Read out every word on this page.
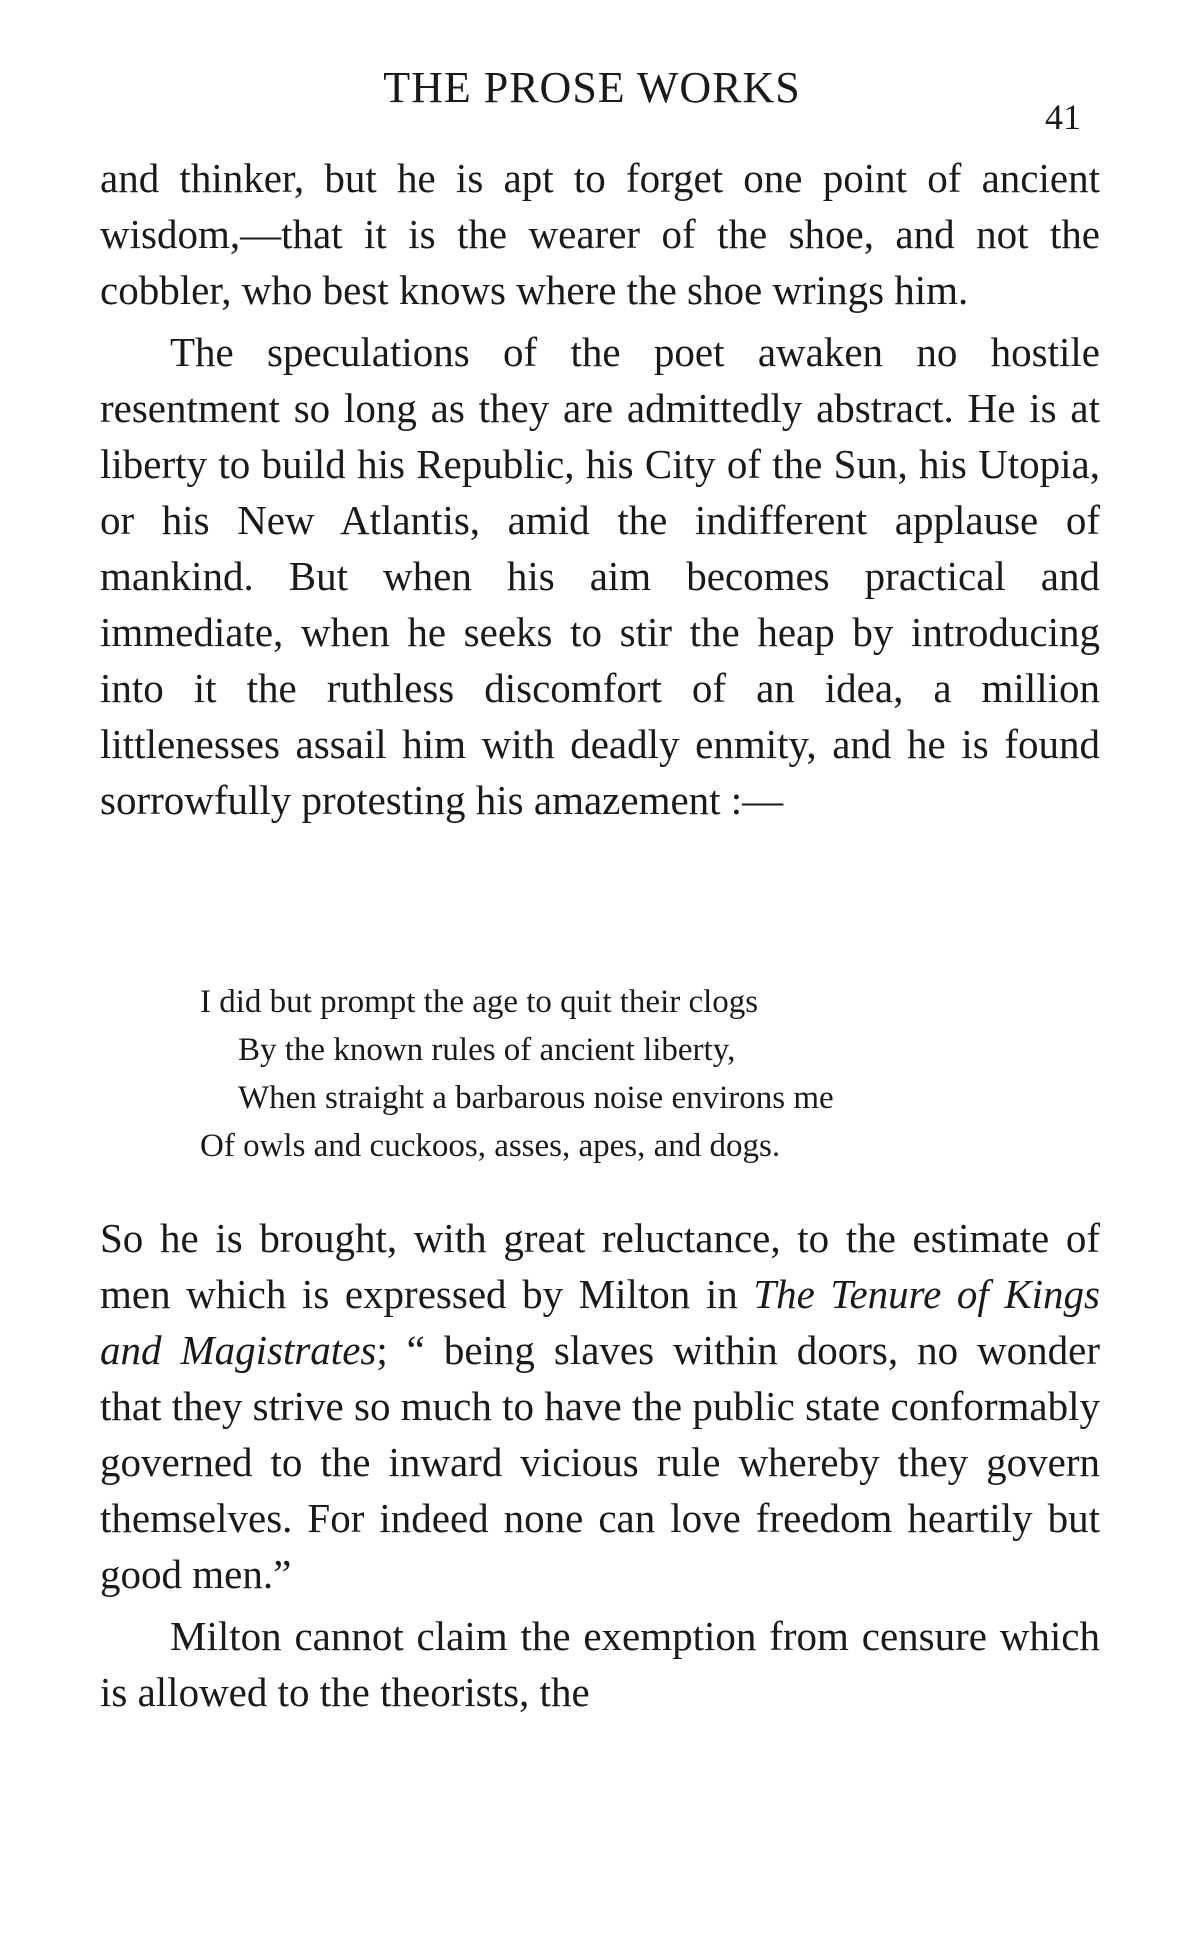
THE PROSE WORKS
41

and thinker, but he is apt to forget one point of ancient wisdom,—that it is the wearer of the shoe, and not the cobbler, who best knows where the shoe wrings him.

The speculations of the poet awaken no hostile resentment so long as they are admittedly abstract. He is at liberty to build his Republic, his City of the Sun, his Utopia, or his New Atlantis, amid the indifferent applause of mankind. But when his aim becomes practical and immediate, when he seeks to stir the heap by introducing into it the ruthless discomfort of an idea, a million littlenesses assail him with deadly enmity, and he is found sorrowfully protesting his amazement :—

I did but prompt the age to quit their clogs
By the known rules of ancient liberty,
When straight a barbarous noise environs me
Of owls and cuckoos, asses, apes, and dogs.

So he is brought, with great reluctance, to the estimate of men which is expressed by Milton in The Tenure of Kings and Magistrates; “ being slaves within doors, no wonder that they strive so much to have the public state conformably governed to the inward vicious rule whereby they govern themselves. For indeed none can love freedom heartily but good men.”

Milton cannot claim the exemption from censure which is allowed to the theorists, the
